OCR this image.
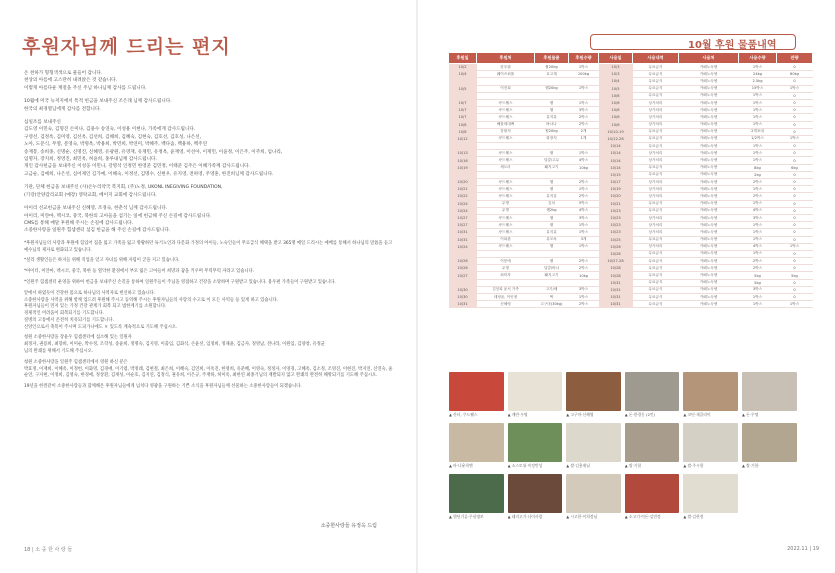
후원자님께 드리는 편지

온 천하가 형형색색으로 물들어 갑니다.
천상의 아름에 고스란히 내려앉은 것 같습니다.
이렇게 아름다운 계절을 주신 주님 하나님께 감사를 드립니다.

10월에 미국 뉴저지에서 특적 헌금을 보내주신 조은래 님께 감사드립니다.
한국의 최경열님에게 감사를 전합니다.

십일조를 보내주신
김도영 이민숙, 김형진 손미나, 김용수 송연숙, 이성용 이현나, 가족에게 감사드립니다.
구영선, 김정옥, 김미영, 김선옥, 김선희, 김해희, 김혜숙, 김현숙, 김호선, 김호성, 나은선,
노아, 도문식, 무열, 문영숙, 박명옥, 박용희, 박민희, 박연미, 박혜주, 백다솜, 백용하, 백주연
송재봉, 송희종, 신명순, 신명진, 신혜영, 유광원, 유영재, 유재민, 유정옥, 윤재영, 이선아, 이재민, 이윤정, 이은주, 이주희, 임나리,
임명자, 장지희, 정영진, 최민옥, 허윤희, 홍루내님께 감사드립니다.
개인 감사헌금을 보내주신 이성웅 이민나, 강명석 인정민 한영준 김민정, 이태준 김주은 이혜가족께 감사드립니다.
고금순, 김예희, 나은선, 심어제인 김가예, 이혜숙, 이정선, 김명수, 신현우, 유지영, 전하영, 주영훈, 한진희님께 감사드립니다.

기관, 단체 헌금을 보내주신 (사)온누리약국 복지회, (주)노정, UKONL INEGIVING FOUNDATION,
(기강)안양감리교회 (예장) 영락교회, 베이지 교회에 감사드립니다.

아이리 선교헌금을 보내주신 신혜영, 조경숙, 한춘석 님께 감사드립니다.
아이리, 미얀마, 멕시코, 중국, 북한의 고아들을 섬기는 일에 헌금해 주신 손길에 감사드립니다.
CMS를 통해 매달 후원해 주시는 손길에 감사드립니다.
소중한사랑을 일원주 힘셈센터 섬김 헌금을 해 주신 손길에 감사드립니다.

*후원자님들의 사랑과 후원에 힘입어 집을 잃고 가족을 잃고 방황하던 독거노인과 다문화 가정의 아이들, 노숙인들이 무료급식 혜택을 받고 365명 매일 드리시는 예배를 통해서 하나님의 말씀을 듣고 예수님의 제자로 변화되고 있습니다.

*설리 생활인들은 하지들 위해 직업을 얻고 자녀를 위해 자립이 굳을 지고 있습니다.

*아이티, 미얀마, 멕시코, 중국, 북한 등 열악한 환경에서 부모 잃은 고아들이 희망과 꿈을 키우며 무럭무럭 자라고 있습니다.

*일원주 힘셈센터 운영을 위하여 헌금을 보내주신 손길을 통하여 일원주들이 주님을 영접하고 건강을 소망하며 구원받고 있습니다. 용우편 가족들이 구원받고 있습니다.

앞에서 하였듯이 건강한 몸으로 하나님의 사역자로 헌신하고 있습니다.
소중한사랑을 사역을 위해 항께 업드려 후원해 주시고 동역해 주시는 후원자님들의 사랑의 수고로 이 모든 사역들 등 있게 하고 있습니다.
후원자님들이 먼저 있는 가정 건강 관계가 회복 되고 범한계기를 소원합니다.
경제적인 어려움이 회복되기를 기도합니다.
질병의 고통에서 온전히 치유되기를 기도합니다.
신앙인으로서 축복이 주시며 도피가나에도 ㅎ 있도록 계속적으로 기도해 주십시오.

청원 소중한사랑을 장윤우 힘셈센터에 섬소해 있는 일원자
최정자, 권용희, 최향희, 이미순, 박수정, 조학성, 송윤희, 정명숙, 김지영, 이출임, 김화석, 손윤선, 임정희, 정채윤, 김금자, 정영남, 전나라, 이원임, 김양창, 유정균
님의 완쾌를 위해서 기도해 주십시오.

청원 소중한사랑을 일원주 힘셈센터에서 영원 하신 분은
박효정, 이재희, 이혜옥, 이정헌, 이화영, 김경애, 이기엽, 박정례, 김현철, 최은희, 이혜숙, 김연희, 이옥진, 한영희, 유준혜, 이영숙, 정정자, 이영경, 고혜옥, 김소정, 조영진, 이현진, 박지연, 신연숙, 윤순연, 구자현, 이정희, 김영숙, 한경애, 정상환, 김재성, 이순호, 김지연, 김정식, 권유희, 이은규, 주재하, 허미옥, 최한연 최종기님의 재발되지 않고 완쾌의 완전히 해방되기를 기도해 주십시오.

19년을 한결같이 소중한사랑들과 함께해온 후원자님들에게 넘치다 영광을 구원하는 기쁜 소식을 후원자님들께 선물하는 소중한사랑들이 되겠습니다.

소중한사랑들 유정옥 드림
18 | 소 중 한 사 랑 들
10월 후원 물품내역
후원일	후원처	후원물품	후원수량	사용일	사용내역	사용처	사용수량	잔량
10/2	한우림	쌀20kg	1박스	10/3	무료급식	카페노숙센	1박스	0
10/4	웨이즈퍼퓸	호고계	100kg	10/3	무료급식	카페노숙센	24kg	60kg
				10/4	무료급식	카페노숙센	2.5kg	0
10/5	이진희	햄20kg	1박스	10/5	무료급식	카페노숙센	15박스	1박스
				10/6	무료급식	카페노숙센	1박스	0
10/7	쿠드웰스	햄	1박스	10/6	상가처리	카페노숙센	1박스	0
10/7	쿠드웰스	햄	3박스	10/6	상가처리	카페노숙센	1박스	0
10/7	쿠드웰스	유지류	2박스	10/6	상가처리	카페노숙센	1박스	0
10/8	해물세대팩	바나나	2박스	10/6	상가처리	카페노숙센	1박스	0
10/8	강원석	힐20kg	2개	10/10-19	무료급식	카페노숙센	2개포대	0
10/12	쿠드웰스	화장지	1개	10/12-28	무료급식	카페노숙센	1/2박스	1박스
				10/14	무료급식	카페노숙센	1박스	0
10/13	쿠드웰스	햄	1박스	10/14	상가처리	카페노숙센	1박스	0
10/16	쿠드웰스	달걀/고무	4박스	10/14	상가처리	카페노숙센	1박스	0
10/19	세도마	돼지고기	10kg	10/14	무료급식	카페노숙센	8kg	6kg
				10/15	무료급식	카페노숙센	2kg	0
10/20	쿠드웰스	햄	2박스	10/17	상가처리	카페노숙센	2박스	0
10/21	쿠드웰스	햄	1박스	10/19	상가처리	카페노숙센	1박스	0
10/22	쿠드웰스	유지류	2박스	10/20	상가처리	카페노숙센	2박스	0
10/24	무명	김치	5박스	10/21	무료급식	카페노숙센	1박스	0
10/24	무명	햄2kg	4박스	10/23	무료급식	카페노숙센	4박스	0
10/27	쿠드웰스	햄	3박스	10/23	상가처리	카페노숙센	3박스	0
10/27	쿠드웰스	햄	1박스	10/23	상가처리	카페노숙센	1박스	0
10/31	쿠드웰스	유지류	1박스	10/23	상가처리	카페노숙센	1박스	0
10/31	이희춘	유모차	3개	10/25	무료급식	카페노숙센	1박스	0
10/24	쿠드웰스	햄	1박스	10/26	상가처리	카페노숙센	4박스	1박스
				10/26	무료급식	카페노숙센	1박스	0
10/26	이봉애	햄	2박스	10/27-28	무료급식	카페노숙센	2박스	0
10/26	무명	달걀/바나	2박스	10/28	무료급식	카페노숙센	2박스	0
10/27	최미자	돼지고기	10kg	10/28	무료급식	카페노숙센	5kg	5kg
				10/31	무료급식	카페노숙센	5kg	0
10/30	김천희 윤서 가족	고기/배	3박스	10/31	무료급식	카페노숙센	3박스	0
10/30	태정윤, 이인정	떡	1박스	10/31	무료급식	카페노숙센	1박스	0
10/31	신혜영	고구마(30kg)	2박스	10/31	무료급식	카페노숙센	1박스	1박스
▲ 산타, 쿠드웰스	▲ 계란·우명	▲ 고구마·신혜영	▲ 돈·한경동 (2인)	▲ 코딘·재클라이	▲ 돈·무명
▲ 바·나윤희엔	▲ 소스토위·이정반성	▲ 쌀·김용재님	▲ 쌀·기합	▲ 쌀·주시합	▲ 쌀·기합·
▲ 뭔딘기류·무심명보	▲ 돼지고기·나이사랑	▲ 시고한·이희정님	▲ 소고기·이든·김민정	▲ 쌀·김현정
2022.11 | 19
